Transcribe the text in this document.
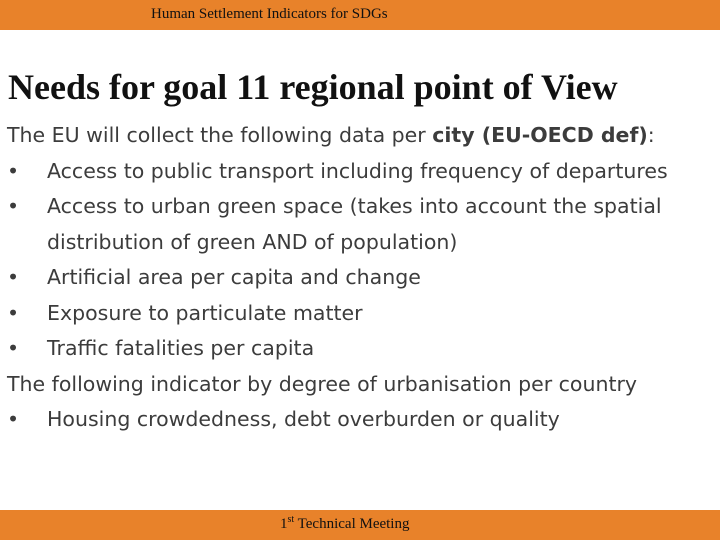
Human Settlement Indicators for SDGs
Needs for goal 11 regional point of View

The EU will collect the following data per city (EU-OECD def):

•	Access to public transport including frequency of departures
•	Access to urban green space (takes into account the spatial distribution of green AND of population)
•	Artificial area per capita and change
•	Exposure to particulate matter
•	Traffic fatalities per capita

The following indicator by degree of urbanisation per country

•	Housing crowdedness, debt overburden or quality
1st Technical Meeting
